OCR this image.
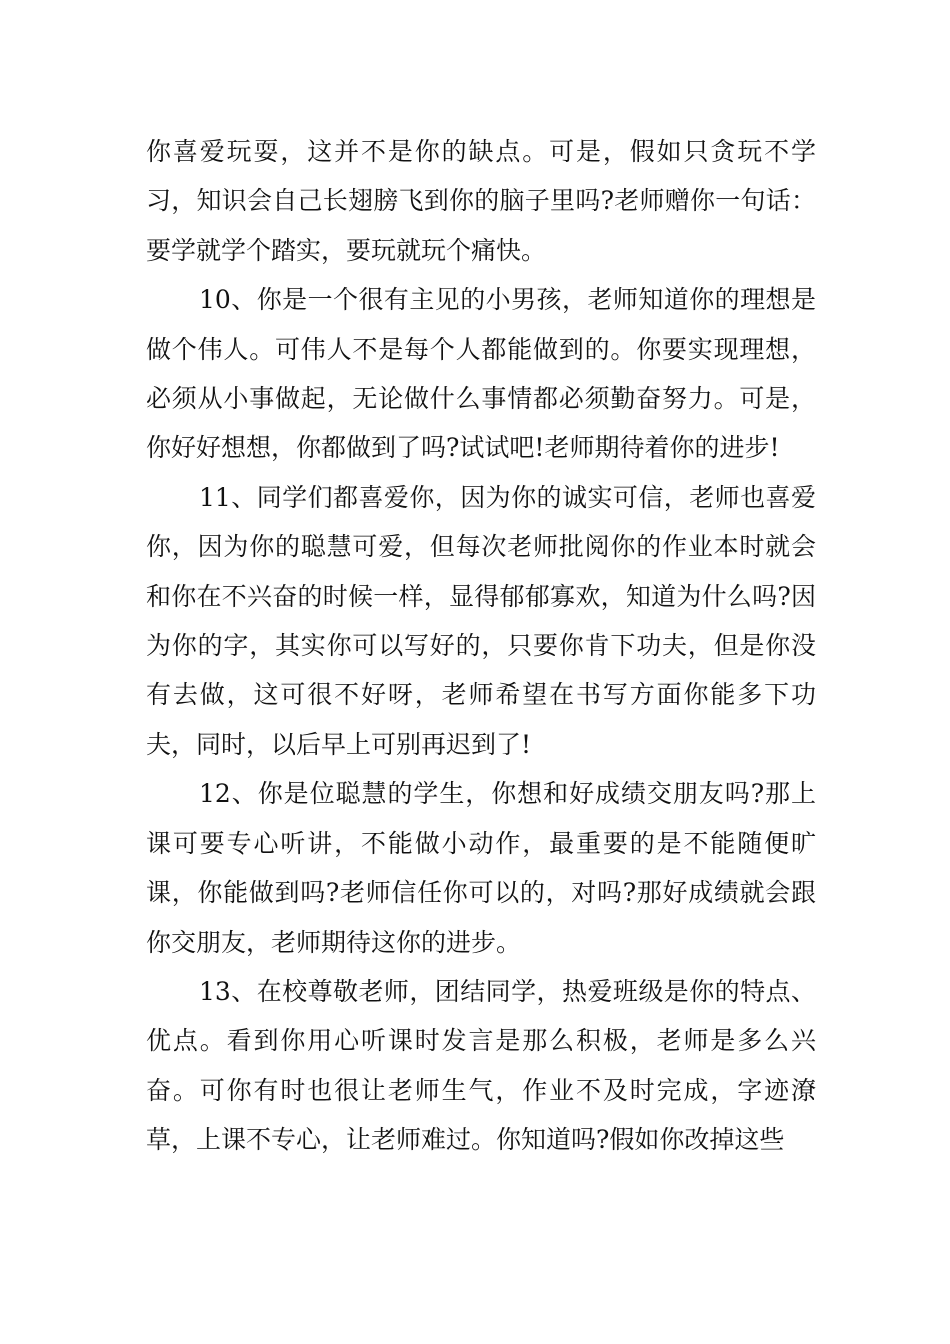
你喜爱玩耍，这并不是你的缺点。可是，假如只贪玩不学习，知识会自己长翅膀飞到你的脑子里吗?老师赠你一句话：要学就学个踏实，要玩就玩个痛快。

10、你是一个很有主见的小男孩，老师知道你的理想是做个伟人。可伟人不是每个人都能做到的。你要实现理想，必须从小事做起，无论做什么事情都必须勤奋努力。可是，你好好想想，你都做到了吗?试试吧!老师期待着你的进步!

11、同学们都喜爱你，因为你的诚实可信，老师也喜爱你，因为你的聪慧可爱，但每次老师批阅你的作业本时就会和你在不兴奋的时候一样，显得郁郁寡欢，知道为什么吗?因为你的字，其实你可以写好的，只要你肯下功夫，但是你没有去做，这可很不好呀，老师希望在书写方面你能多下功夫，同时，以后早上可别再迟到了!

12、你是位聪慧的学生，你想和好成绩交朋友吗?那上课可要专心听讲，不能做小动作，最重要的是不能随便旷课，你能做到吗?老师信任你可以的，对吗?那好成绩就会跟你交朋友，老师期待这你的进步。

13、在校尊敬老师，团结同学，热爱班级是你的特点、优点。看到你用心听课时发言是那么积极，老师是多么兴奋。可你有时也很让老师生气，作业不及时完成，字迹潦草，上课不专心，让老师难过。你知道吗?假如你改掉这些
